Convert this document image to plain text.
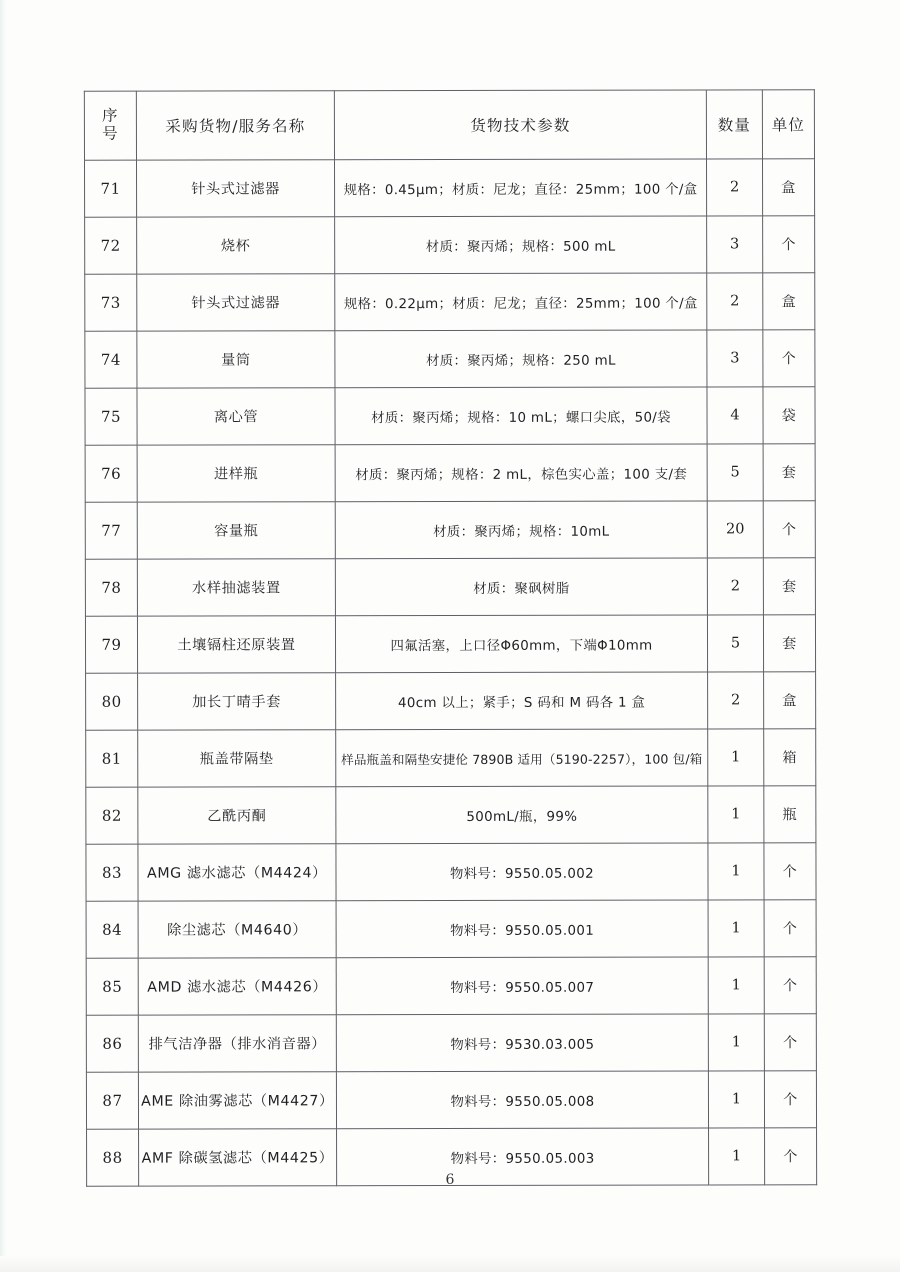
序
号	采购货物/服务名称	货物技术参数	数量	单位
71	针头式过滤器	规格：0.45μm；材质：尼龙；直径：25mm；100 个/盒	2	盒
72	烧杯	材质：聚丙烯；规格：500 mL	3	个
73	针头式过滤器	规格：0.22μm；材质：尼龙；直径：25mm；100 个/盒	2	盒
74	量筒	材质：聚丙烯；规格：250 mL	3	个
75	离心管	材质：聚丙烯；规格：10 mL；螺口尖底，50/袋	4	袋
76	进样瓶	材质：聚丙烯；规格：2 mL，棕色实心盖；100 支/套	5	套
77	容量瓶	材质：聚丙烯；规格：10mL	20	个
78	水样抽滤装置	材质：聚砜树脂	2	套
79	土壤镉柱还原装置	四氟活塞，上口径Φ60mm，下端Φ10mm	5	套
80	加长丁晴手套	40cm 以上；紧手；S 码和 M 码各 1 盒	2	盒
81	瓶盖带隔垫	样品瓶盖和隔垫安捷伦 7890B 适用（5190-2257），100 包/箱	1	箱
82	乙酰丙酮	500mL/瓶，99%	1	瓶
83	AMG 滤水滤芯（M4424）	物料号：9550.05.002	1	个
84	除尘滤芯（M4640）	物料号：9550.05.001	1	个
85	AMD 滤水滤芯（M4426）	物料号：9550.05.007	1	个
86	排气洁净器（排水消音器）	物料号：9530.03.005	1	个
87	AME 除油雾滤芯（M4427）	物料号：9550.05.008	1	个
88	AMF 除碳氢滤芯（M4425）	物料号：9550.05.003	1	个
6
